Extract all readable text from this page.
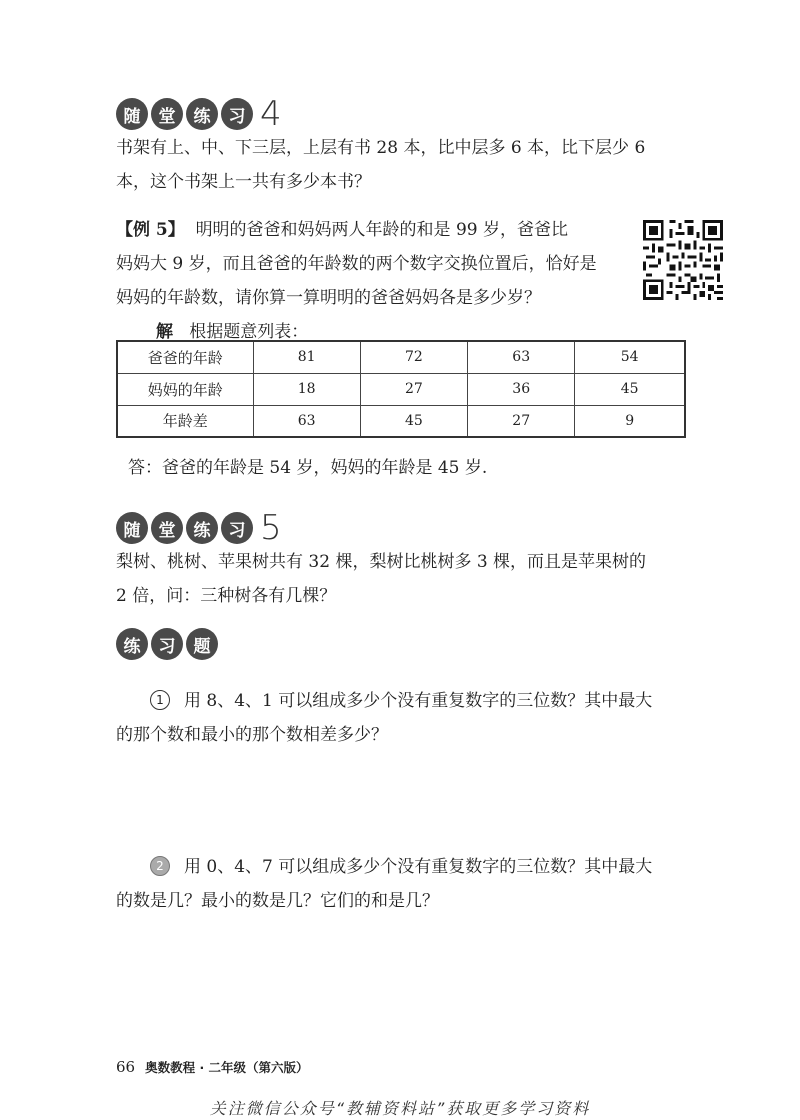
随	堂	练	习 4
书架有上、中、下三层，上层有书 28 本，比中层多 6 本，比下层少 6
本，这个书架上一共有多少本书？
【例 5】 明明的爸爸和妈妈两人年龄的和是 99 岁，爸爸比
妈妈大 9 岁，而且爸爸的年龄数的两个数字交换位置后，恰好是
妈妈的年龄数，请你算一算明明的爸爸妈妈各是多少岁？
解 根据题意列表：
爸爸的年龄	81	72	63	54
妈妈的年龄	18	27	36	45
年龄差	63	45	27	9
答：爸爸的年龄是 54 岁，妈妈的年龄是 45 岁.
随	堂	练	习 5
梨树、桃树、苹果树共有 32 棵，梨树比桃树多 3 棵，而且是苹果树的
2 倍，问：三种树各有几棵？
练	习	题
1 用 8、4、1 可以组成多少个没有重复数字的三位数？其中最大
的那个数和最小的那个数相差多少？
2 用 0、4、7 可以组成多少个没有重复数字的三位数？其中最大
的数是几？最小的数是几？它们的和是几？
66 奥数教程 · 二年级（第六版）
关注微信公众号“教辅资料站”获取更多学习资料
